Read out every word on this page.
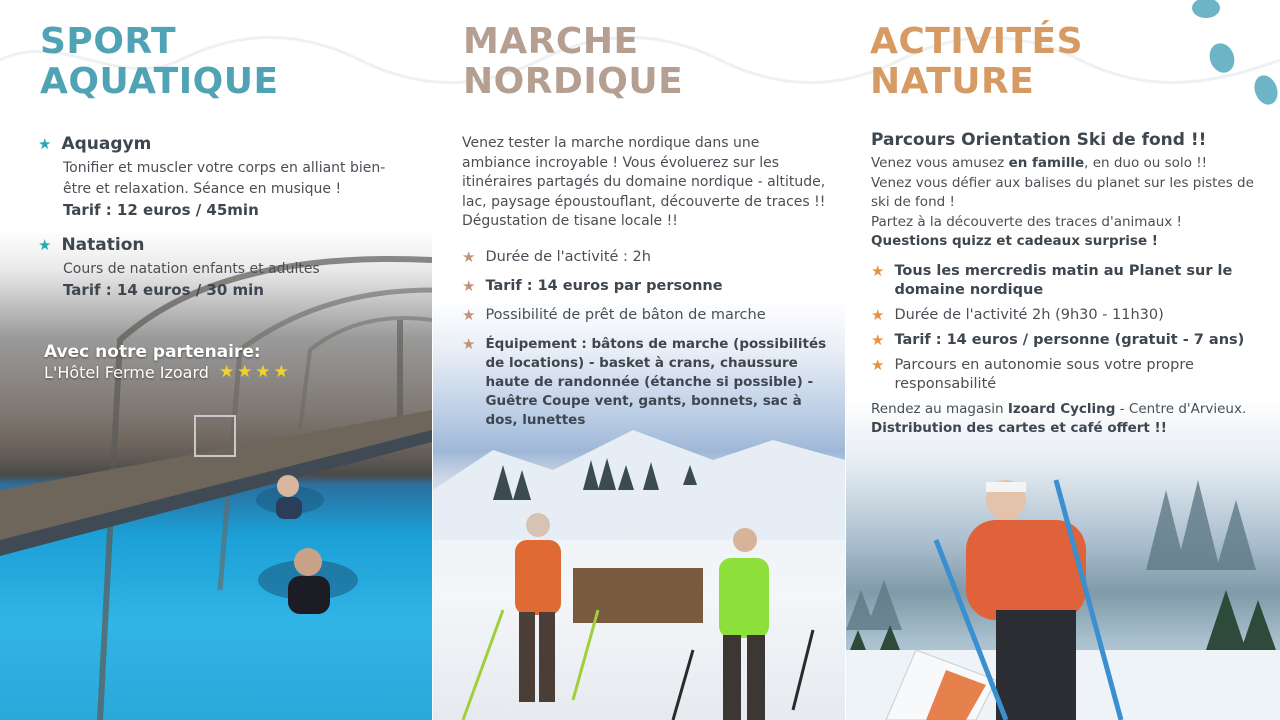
SPORT
AQUATIQUE
★ Aquagym
Tonifier et muscler votre corps en alliant bien-être et relaxation. Séance en musique !
Tarif : 12 euros / 45min
★ Natation
Cours de natation enfants et adultes
Tarif : 14 euros / 30 min
Avec notre partenaire:
L'Hôtel Ferme Izoard ★★★★
MARCHE
NORDIQUE
Venez tester la marche nordique dans une ambiance incroyable ! Vous évoluerez sur les itinéraires partagés du domaine nordique - altitude, lac, paysage époustouflant, découverte de traces !! Dégustation de tisane locale !!
★ Durée de l'activité : 2h
★ Tarif : 14 euros par personne
★ Possibilité de prêt de bâton de marche
★ Équipement : bâtons de marche (possibilités de locations) - basket à crans, chaussure haute de randonnée (étanche si possible) - Guêtre Coupe vent, gants, bonnets, sac à dos, lunettes
ACTIVITÉS
NATURE
Parcours Orientation Ski de fond !!
Venez vous amusez en famille, en duo ou solo !!
Venez vous défier aux balises du planet sur les pistes de ski de fond !
Partez à la découverte des traces d'animaux !
Questions quizz et cadeaux surprise !
★ Tous les mercredis matin au Planet sur le domaine nordique
★ Durée de l'activité 2h (9h30 - 11h30)
★ Tarif : 14 euros / personne (gratuit - 7 ans)
★ Parcours en autonomie sous votre propre responsabilité
Rendez au magasin Izoard Cycling - Centre d'Arvieux.
Distribution des cartes et café offert !!
